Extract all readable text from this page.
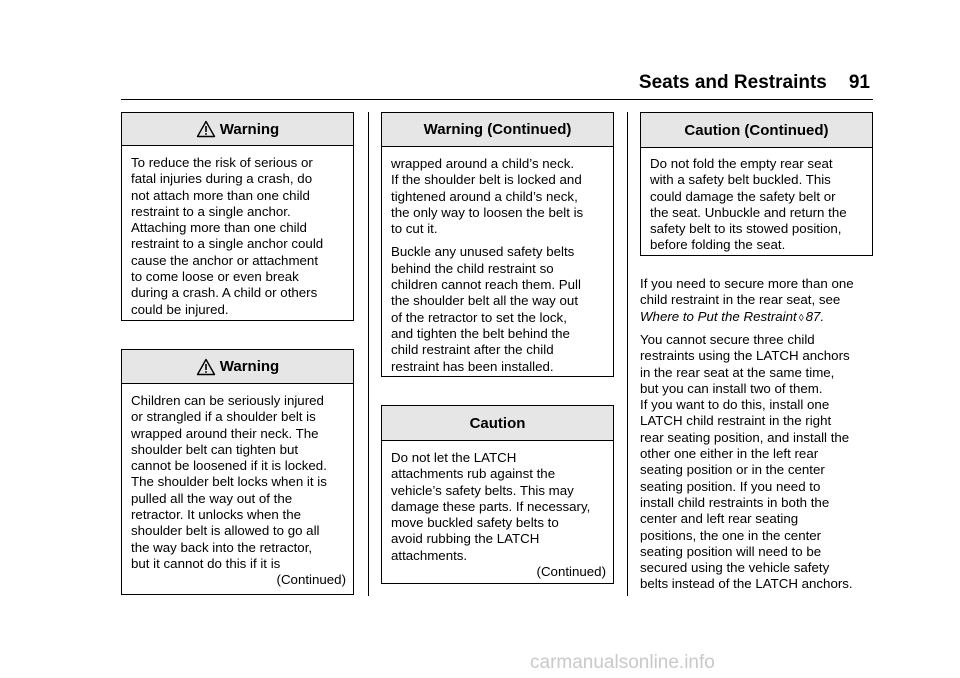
Seats and Restraints 91
Warning
To reduce the risk of serious or
fatal injuries during a crash, do
not attach more than one child
restraint to a single anchor.
Attaching more than one child
restraint to a single anchor could
cause the anchor or attachment
to come loose or even break
during a crash. A child or others
could be injured.
Warning
Children can be seriously injured
or strangled if a shoulder belt is
wrapped around their neck. The
shoulder belt can tighten but
cannot be loosened if it is locked.
The shoulder belt locks when it is
pulled all the way out of the
retractor. It unlocks when the
shoulder belt is allowed to go all
the way back into the retractor,
but it cannot do this if it is
(Continued)
Warning (Continued)
wrapped around a child’s neck.
If the shoulder belt is locked and
tightened around a child’s neck,
the only way to loosen the belt is
to cut it.
Buckle any unused safety belts
behind the child restraint so
children cannot reach them. Pull
the shoulder belt all the way out
of the retractor to set the lock,
and tighten the belt behind the
child restraint after the child
restraint has been installed.
Caution
Do not let the LATCH
attachments rub against the
vehicle’s safety belts. This may
damage these parts. If necessary,
move buckled safety belts to
avoid rubbing the LATCH
attachments.
(Continued)
Caution (Continued)
Do not fold the empty rear seat
with a safety belt buckled. This
could damage the safety belt or
the seat. Unbuckle and return the
safety belt to its stowed position,
before folding the seat.
If you need to secure more than one
child restraint in the rear seat, see
Where to Put the Restraint ◊ 87.
You cannot secure three child
restraints using the LATCH anchors
in the rear seat at the same time,
but you can install two of them.
If you want to do this, install one
LATCH child restraint in the right
rear seating position, and install the
other one either in the left rear
seating position or in the center
seating position. If you need to
install child restraints in both the
center and left rear seating
positions, the one in the center
seating position will need to be
secured using the vehicle safety
belts instead of the LATCH anchors.
carmanualsonline.info
